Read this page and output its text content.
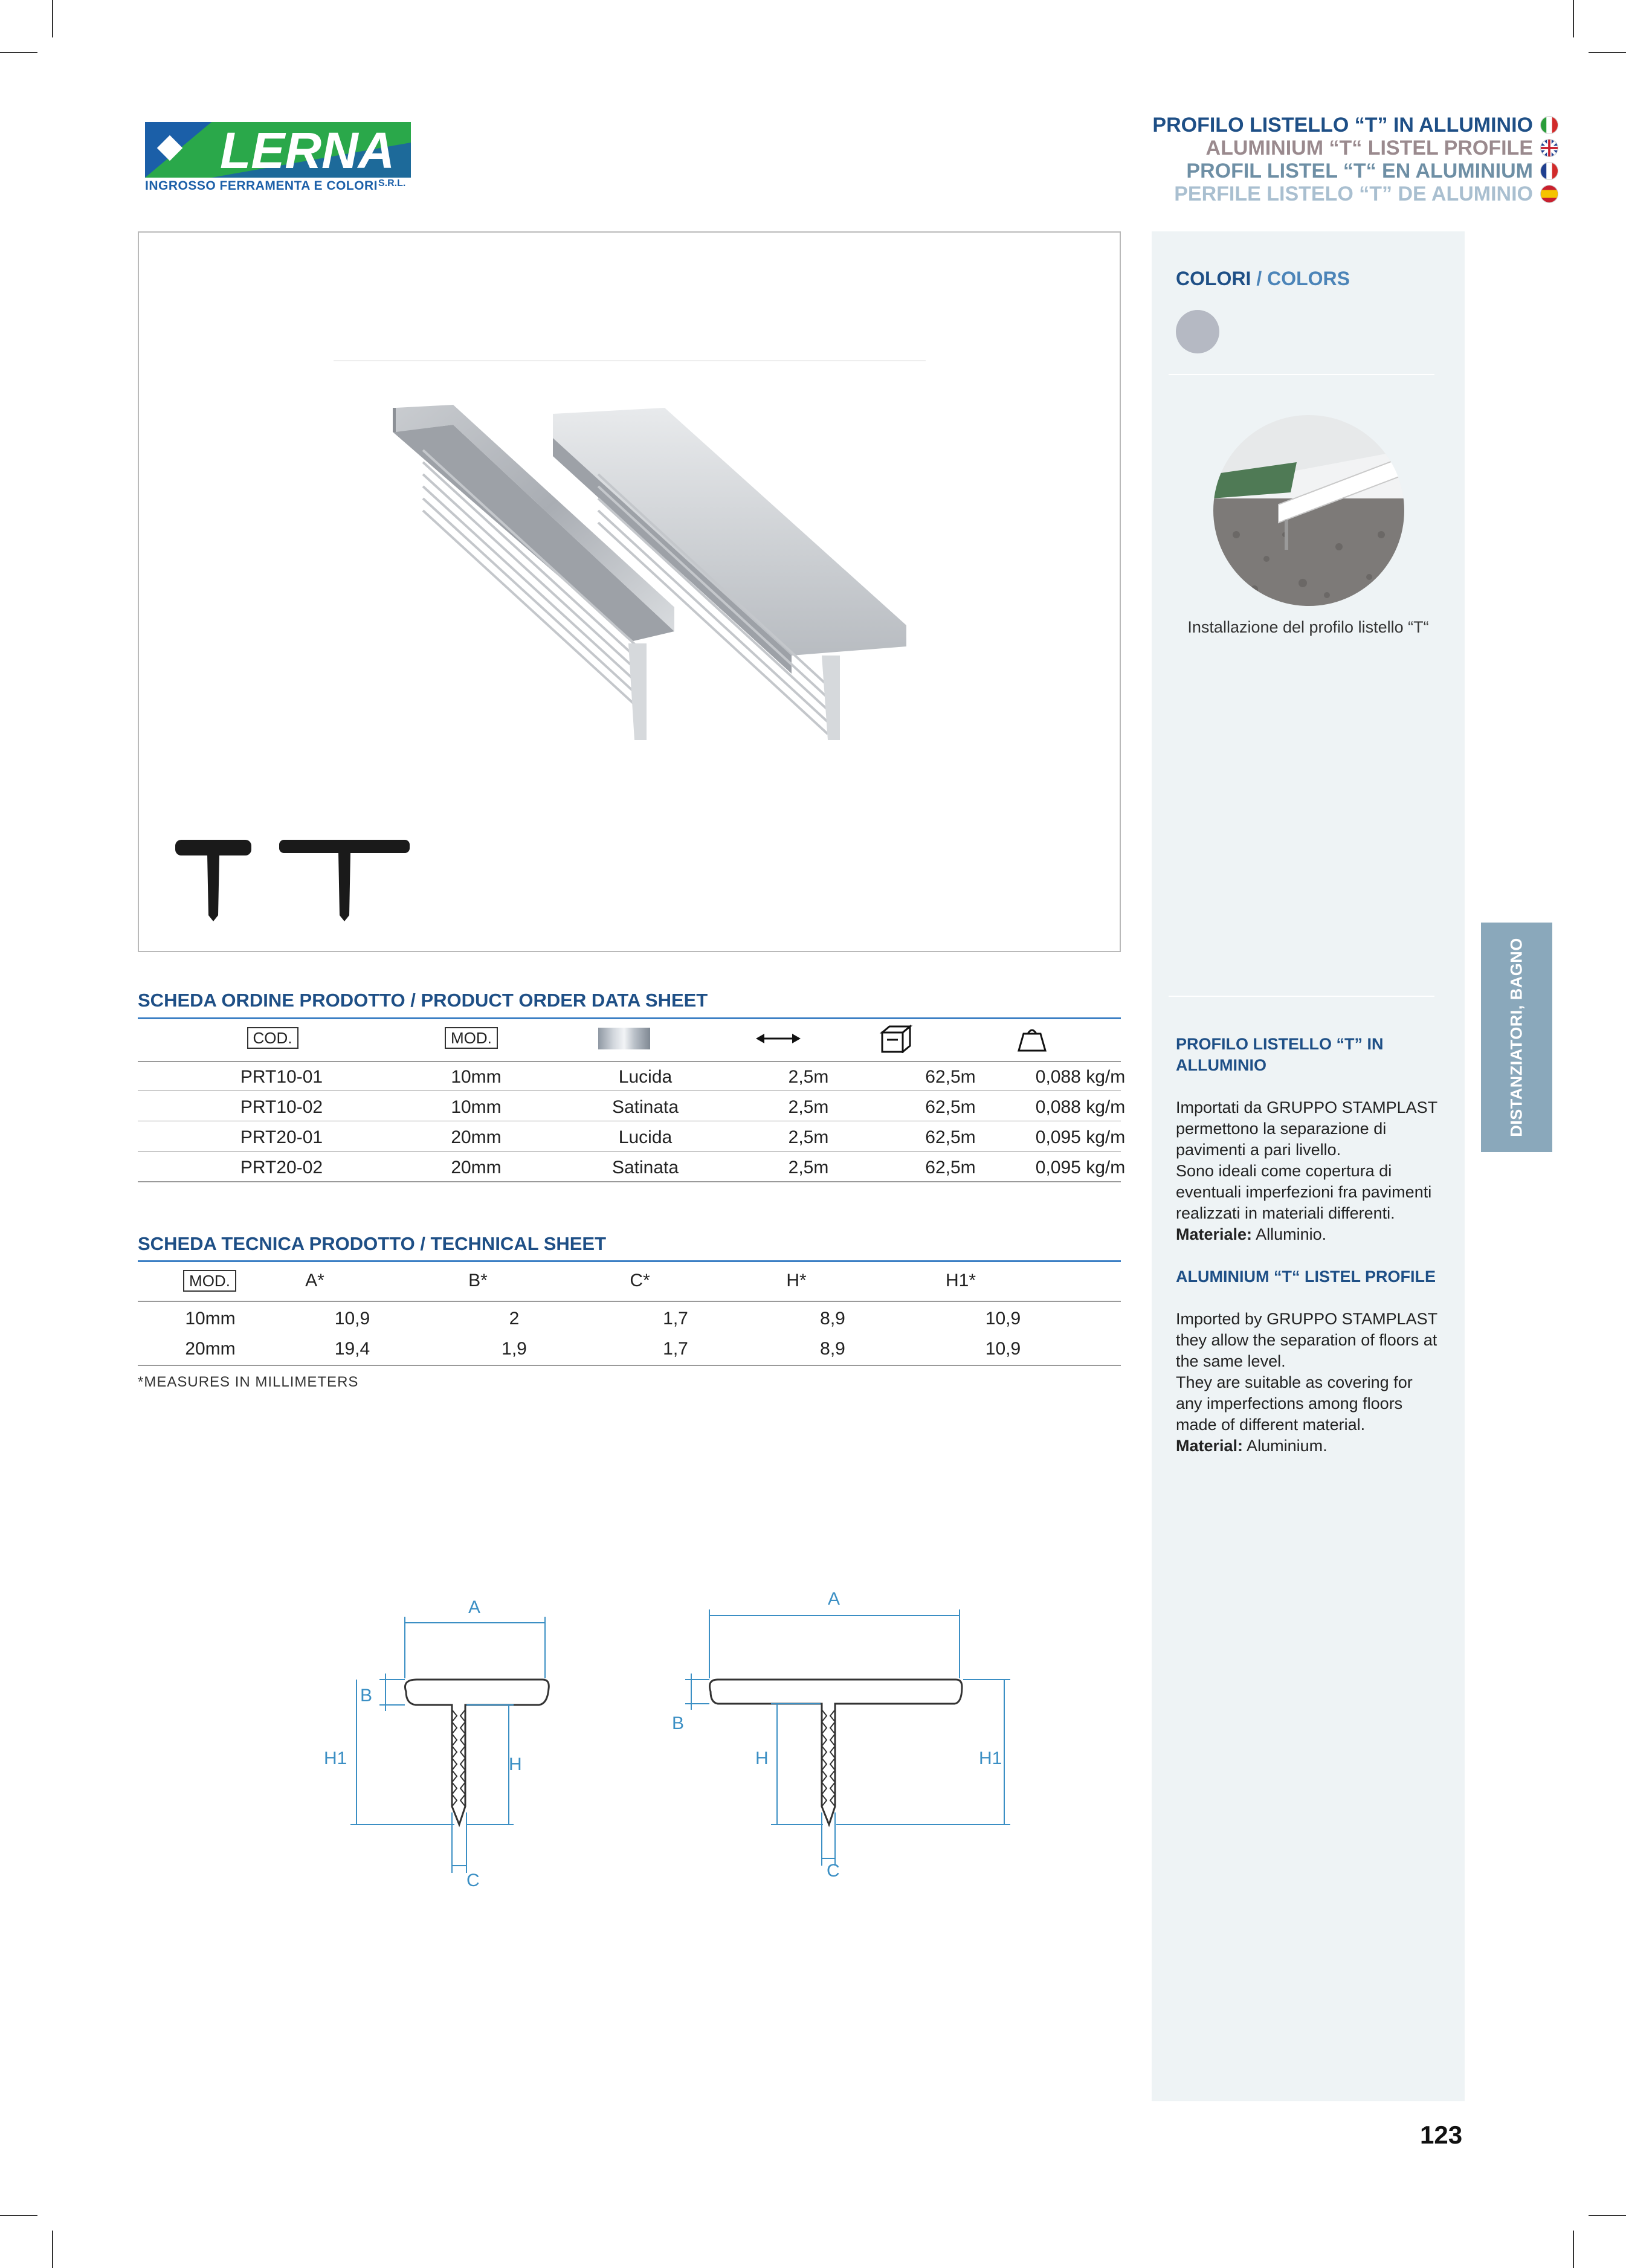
LERNA
S.R.L.
INGROSSO FERRAMENTA E COLORI
PROFILO LISTELLO “T” IN ALLUMINIO
ALUMINIUM “T“ LISTEL PROFILE
PROFIL LISTEL “T“ EN ALUMINIUM
PERFILE LISTELO “T” DE ALUMINIO
COLORI / COLORS
Installazione del profilo listello “T“
PROFILO LISTELLO “T” IN ALLUMINIO
Importati da GRUPPO STAMPLAST permettono la separazione di pavimenti a pari livello.
Sono ideali come copertura di eventuali imperfezioni fra pavimenti realizzati in materiali differenti.
Materiale: Alluminio.
ALUMINIUM “T“ LISTEL PROFILE
Imported by GRUPPO STAMPLAST they allow the separation of floors at the same level.
They are suitable as covering for any imperfections among floors made of different material.
Material: Aluminium.
DISTANZIATORI, BAGNO
SCHEDA ORDINE PRODOTTO / PRODUCT ORDER DATA SHEET
COD.	MOD.
PRT10-01	10mm	Lucida	2,5m	62,5m	0,088 kg/m
PRT10-02	10mm	Satinata	2,5m	62,5m	0,088 kg/m
PRT20-01	20mm	Lucida	2,5m	62,5m	0,095 kg/m
PRT20-02	20mm	Satinata	2,5m	62,5m	0,095 kg/m
SCHEDA TECNICA PRODOTTO / TECHNICAL SHEET
MOD.	A*	B*	C*	H*	H1*
10mm	10,9	2	1,7	8,9	10,9
20mm	19,4	1,9	1,7	8,9	10,9
*MEASURES IN MILLIMETERS
A
B
H1	H
C
A
B
H	H1
C
123
